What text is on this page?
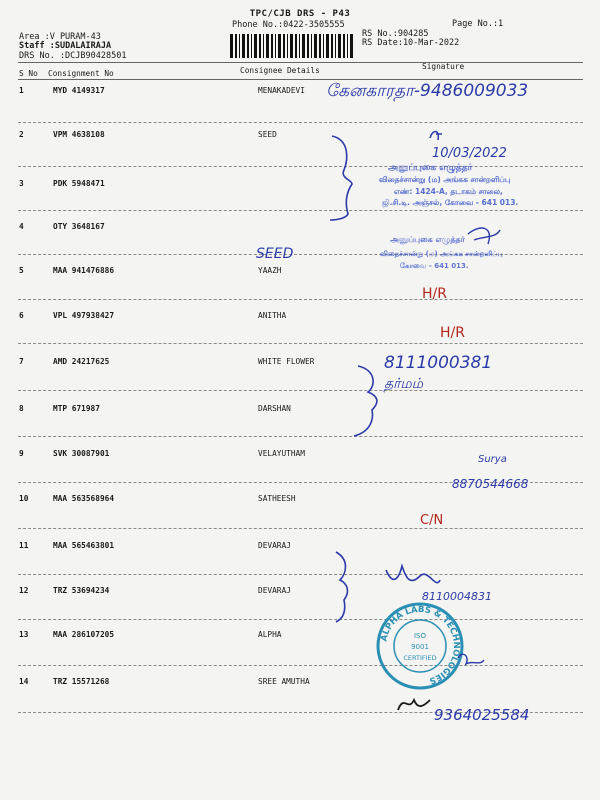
TPC/CJB DRS - P43
Phone No.:0422-3505555
Area :V PURAM-43
Staff :SUDALAIRAJA
DRS No. :DCJB90428501
RS No.:904285
RS Date:10-Mar-2022
Page No.:1
S No Consignment No	Consignee Details	Signature
1	MYD 4149317	MENAKADEVI
2	VPM 4638108	SEED
3	PDK 5948471
4	OTY 3648167
5	MAA 941476886	YAAZH
6	VPL 497938427	ANITHA
7	AMD 24217625	WHITE FLOWER
8	MTP 671987	DARSHAN
9	SVK 30087901	VELAYUTHAM
10	MAA 563568964	SATHEESH
11	MAA 565463801	DEVARAJ
12	TRZ 53694234	DEVARAJ
13	MAA 286107205	ALPHA
14	TRZ 15571268	SREE AMUTHA
கேனகாரதா-9486009033
10/03/2022
அனுப்புகை எழுத்தர்
விதைச்சான்று (ம) அங்கக சான்றளிப்பு
எண்: 1424-A, தடாகம் சாலை,
ஜி.சி.டி. அஞ்சல், கோவை - 641 013.
SEED
அனுப்புகை எழுத்தர்
விதைச்சான்று (ம) அங்கக சான்றளிப்பு
கோவை - 641 013.
H/R
H/R
8111000381
தர்மம்
Surya
8870544668
C/N
8110004831
ALPHA LABS & TECHNOLOGIES
ISO
9001
CERTIFIED
9364025584
